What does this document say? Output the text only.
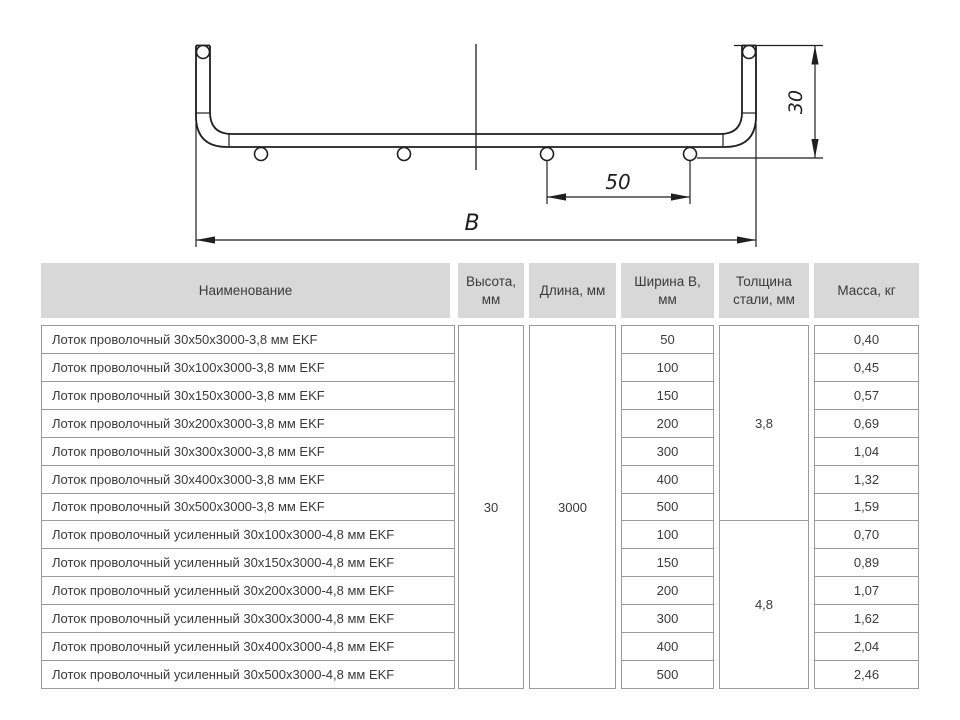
50
B
30
Наименование
Высота, мм
Длина, мм
Ширина В, мм
Толщина стали, мм
Масса, кг
Лоток проволочный 30х50х3000-3,8 мм EKF
Лоток проволочный 30х100х3000-3,8 мм EKF
Лоток проволочный 30х150х3000-3,8 мм EKF
Лоток проволочный 30х200х3000-3,8 мм EKF
Лоток проволочный 30х300х3000-3,8 мм EKF
Лоток проволочный 30х400х3000-3,8 мм EKF
Лоток проволочный 30х500х3000-3,8 мм EKF
Лоток проволочный усиленный 30х100х3000-4,8 мм EKF
Лоток проволочный усиленный 30х150х3000-4,8 мм EKF
Лоток проволочный усиленный 30х200х3000-4,8 мм EKF
Лоток проволочный усиленный 30х300х3000-4,8 мм EKF
Лоток проволочный усиленный 30х400х3000-4,8 мм EKF
Лоток проволочный усиленный 30х500х3000-4,8 мм EKF
30	3000
50
100
150
200
300
400
500
100
150
200
300
400
500
3,8
4,8
0,40
0,45
0,57
0,69
1,04
1,32
1,59
0,70
0,89
1,07
1,62
2,04
2,46
